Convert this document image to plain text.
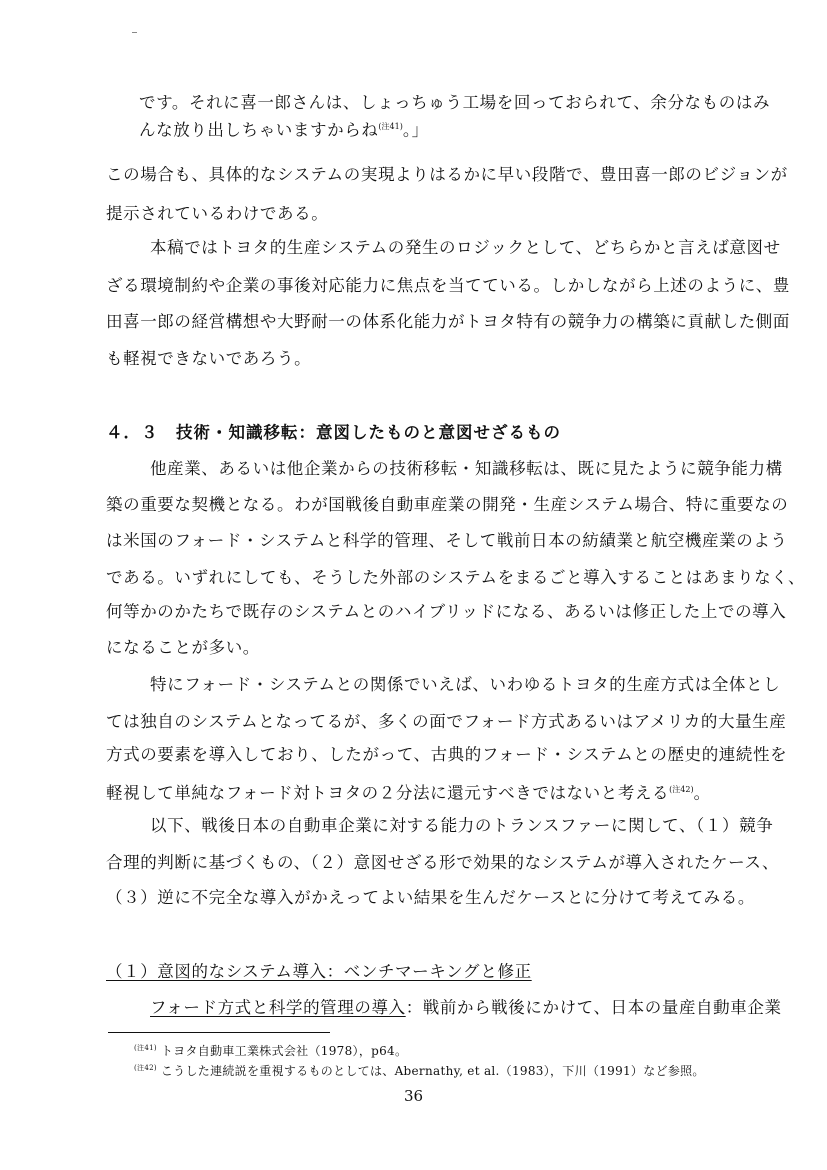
です。それに喜一郎さんは、しょっちゅう工場を回っておられて、余分なものはみ
んな放り出しちゃいますからね$^{(注41)}$。」
この場合も、具体的なシステムの実現よりはるかに早い段階で、豊田喜一郎のビジョンが
提示されているわけである。
本稿ではトヨタ的生産システムの発生のロジックとして、どちらかと言えば意図せ
ざる環境制約や企業の事後対応能力に焦点を当てている。しかしながら上述のように、豊
田喜一郎の経営構想や大野耐一の体系化能力がトヨタ特有の競争力の構築に貢献した側面
も軽視できないであろう。
４．３　技術・知識移転：意図したものと意図せざるもの
他産業、あるいは他企業からの技術移転・知識移転は、既に見たように競争能力構
築の重要な契機となる。わが国戦後自動車産業の開発・生産システム場合、特に重要なの
は米国のフォード・システムと科学的管理、そして戦前日本の紡績業と航空機産業のよう
である。いずれにしても、そうした外部のシステムをまるごと導入することはあまりなく、
何等かのかたちで既存のシステムとのハイブリッドになる、あるいは修正した上での導入
になることが多い。
特にフォード・システムとの関係でいえば、いわゆるトヨタ的生産方式は全体とし
ては独自のシステムとなってるが、多くの面でフォード方式あるいはアメリカ的大量生産
方式の要素を導入しており、したがって、古典的フォード・システムとの歴史的連続性を
軽視して単純なフォード対トヨタの２分法に還元すべきではないと考える$^{(注42)}$。
以下、戦後日本の自動車企業に対する能力のトランスファーに関して、（１）競争
合理的判断に基づくもの、（２）意図せざる形で効果的なシステムが導入されたケース、
（３）逆に不完全な導入がかえってよい結果を生んだケースとに分けて考えてみる。
（１）意図的なシステム導入：ベンチマーキングと修正
フォード方式と科学的管理の導入：戦前から戦後にかけて、日本の量産自動車企業
$^{(注41)}$ トヨタ自動車工業株式会社（1978），p64。
$^{(注42)}$ こうした連続説を重視するものとしては、Abernathy, et al.（1983），下川（1991）など参照。
36
